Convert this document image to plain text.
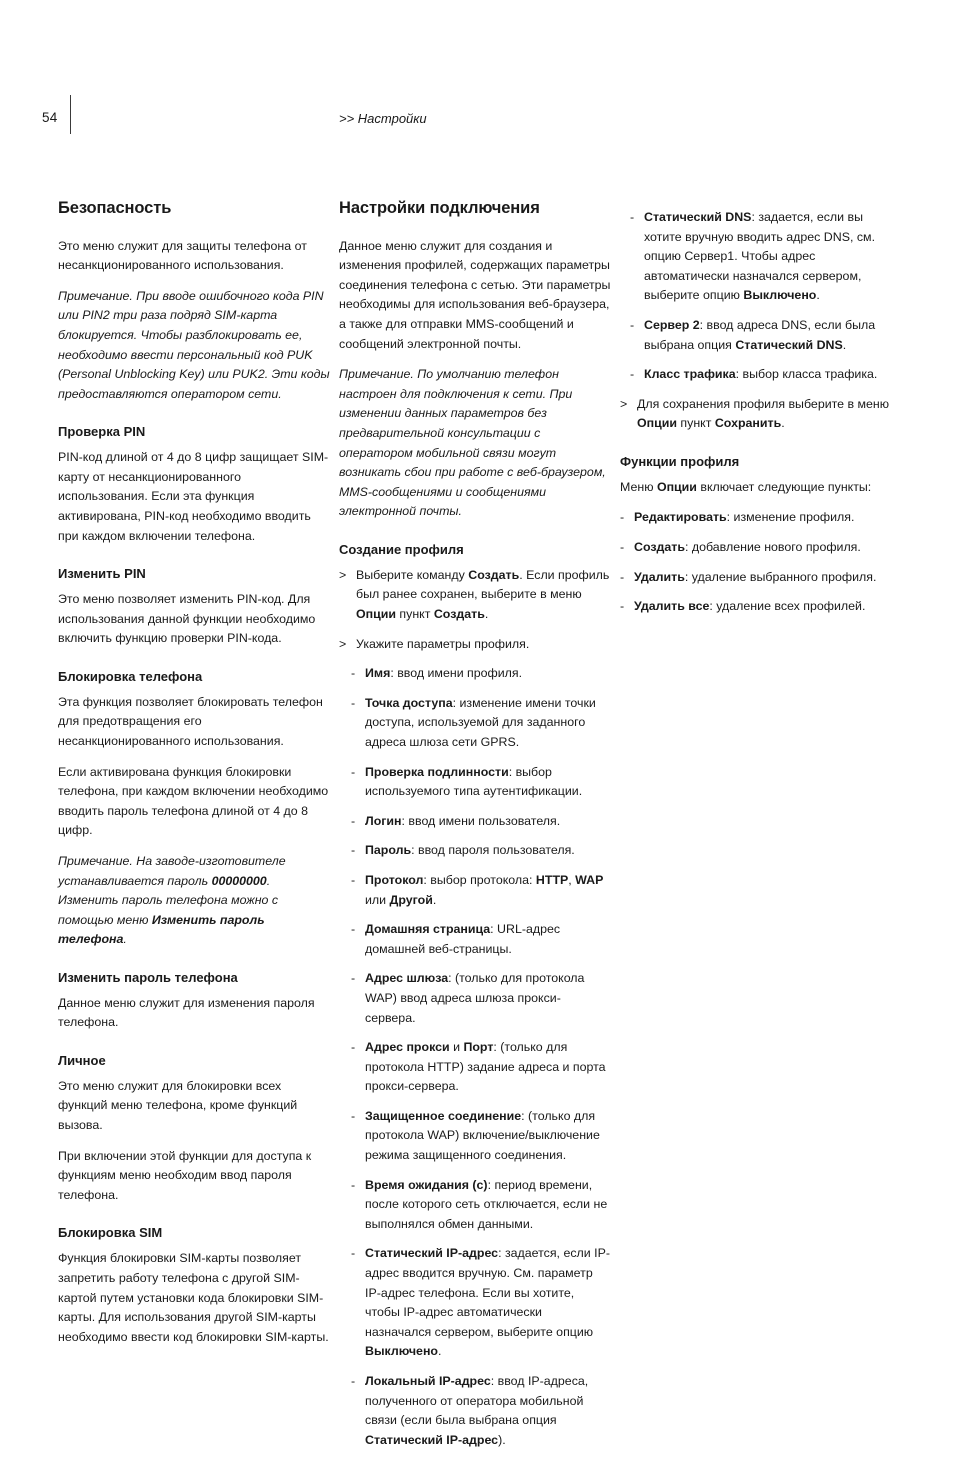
54	>> Настройки
Безопасность

Это меню служит для защиты телефона от несанкционированного использования.

Примечание. При вводе ошибочного кода PIN или PIN2 три раза подряд SIM-карта блокируется. Чтобы разблокировать ее, необходимо ввести персональный код PUK (Personal Unblocking Key) или PUK2. Эти коды предоставляются оператором сети.

Проверка PIN

PIN-код длиной от 4 до 8 цифр защищает SIM-карту от несанкционированного использования. Если эта функция активирована, PIN-код необходимо вводить при каждом включении телефона.

Изменить PIN

Это меню позволяет изменить PIN-код. Для использования данной функции необходимо включить функцию проверки PIN-кода.

Блокировка телефона

Эта функция позволяет блокировать телефон для предотвращения его несанкционированного использования.

Если активирована функция блокировки телефона, при каждом включении необходимо вводить пароль телефона длиной от 4 до 8 цифр.

Примечание. На заводе-изготовителе устанавливается пароль 00000000. Изменить пароль телефона можно с помощью меню Изменить пароль телефона.

Изменить пароль телефона

Данное меню служит для изменения пароля телефона.

Личное

Это меню служит для блокировки всех функций меню телефона, кроме функций вызова.

При включении этой функции для доступа к функциям меню необходим ввод пароля телефона.

Блокировка SIM

Функция блокировки SIM-карты позволяет запретить работу телефона с другой SIM-картой путем установки кода блокировки SIM-карты. Для использования другой SIM-карты необходимо ввести код блокировки SIM-карты.

Настройки подключения

Данное меню служит для создания и изменения профилей, содержащих параметры соединения телефона с сетью. Эти параметры необходимы для использования веб-браузера, а также для отправки MMS-сообщений и сообщений электронной почты.

Примечание. По умолчанию телефон настроен для подключения к сети. При изменении данных параметров без предварительной консультации с оператором мобильной связи могут возникать сбои при работе с веб-браузером, MMS-сообщениями и сообщениями электронной почты.

Создание профиля
> Выберите команду Создать. Если профиль был ранее сохранен, выберите в меню Опции пункт Создать.
> Укажите параметры профиля.
- Имя: ввод имени профиля.
- Точка доступа: изменение имени точки доступа, используемой для заданного адреса шлюза сети GPRS.
- Проверка подлинности: выбор используемого типа аутентификации.
- Логин: ввод имени пользователя.
- Пароль: ввод пароля пользователя.
- Протокол: выбор протокола: HTTP, WAP или Другой.
- Домашняя страница: URL-адрес домашней веб-страницы.
- Адрес шлюза: (только для протокола WAP) ввод адреса шлюза прокси-сервера.
- Адрес прокси и Порт: (только для протокола HTTP) задание адреса и порта прокси-сервера.
- Защищенное соединение: (только для протокола WAP) включение/выключение режима защищенного соединения.
- Время ожидания (с): период времени, после которого сеть отключается, если не выполнялся обмен данными.
- Статический IP-адрес: задается, если IP-адрес вводится вручную. См. параметр IP-адрес телефона. Если вы хотите, чтобы IP-адрес автоматически назначался сервером, выберите опцию Выключено.
- Локальный IP-адрес: ввод IP-адреса, полученного от оператора мобильной связи (если была выбрана опция Статический IP-адрес).
- Статический DNS: задается, если вы хотите вручную вводить адрес DNS, см. опцию Сервер1. Чтобы адрес автоматически назначался сервером, выберите опцию Выключено.
- Сервер 2: ввод адреса DNS, если была выбрана опция Статический DNS.
- Класс трафика: выбор класса трафика.
> Для сохранения профиля выберите в меню Опции пункт Сохранить.
Функции профиля

Меню Опции включает следующие пункты:

- Редактировать: изменение профиля.
- Создать: добавление нового профиля.
- Удалить: удаление выбранного профиля.
- Удалить все: удаление всех профилей.
